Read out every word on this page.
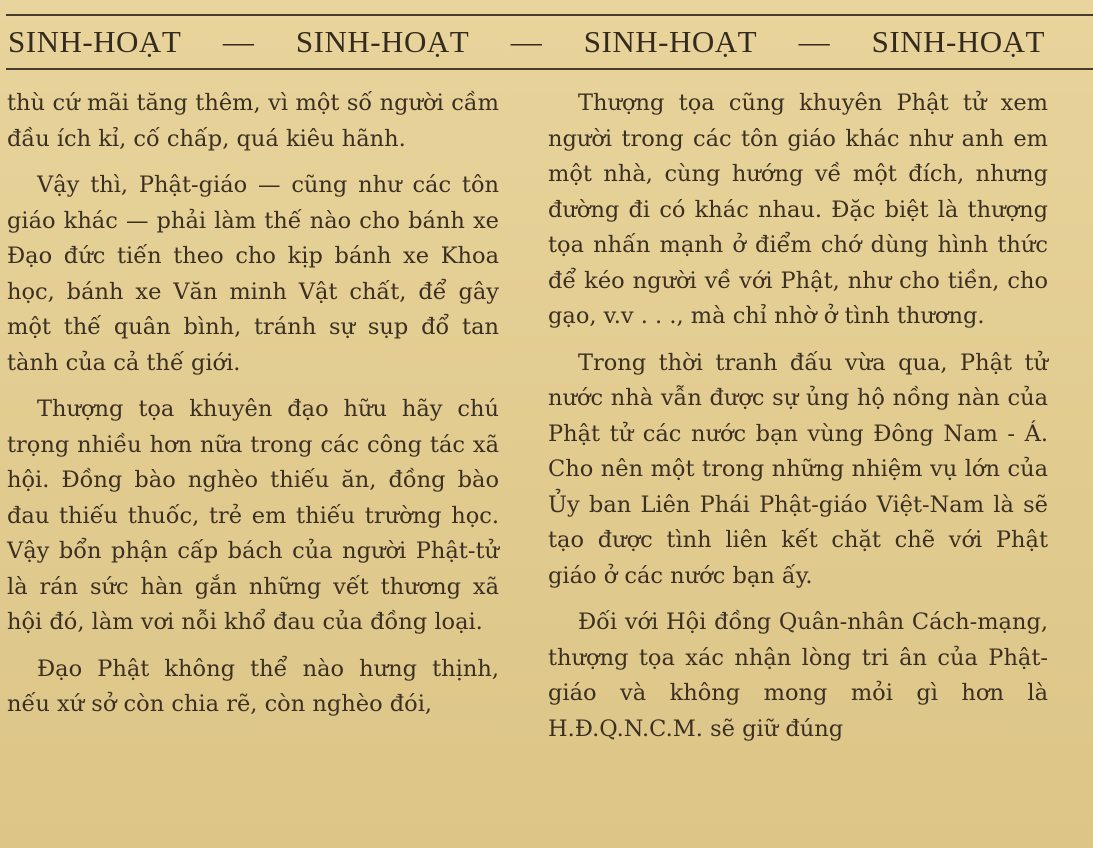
SINH-HOẠT — SINH-HOẠT — SINH-HOẠT — SINH-HOẠT

thù cứ mãi tăng thêm, vì một số người cầm đầu ích kỉ, cố chấp, quá kiêu hãnh.

Vậy thì, Phật-giáo — cũng như các tôn giáo khác — phải làm thế nào cho bánh xe Đạo đức tiến theo cho kịp bánh xe Khoa học, bánh xe Văn minh Vật chất, để gây một thế quân bình, tránh sự sụp đổ tan tành của cả thế giới.

Thượng tọa khuyên đạo hữu hãy chú trọng nhiều hơn nữa trong các công tác xã hội. Đồng bào nghèo thiếu ăn, đồng bào đau thiếu thuốc, trẻ em thiếu trường học. Vậy bổn phận cấp bách của người Phật-tử là rán sức hàn gắn những vết thương xã hội đó, làm vơi nỗi khổ đau của đồng loại.

Đạo Phật không thể nào hưng thịnh, nếu xứ sở còn chia rẽ, còn nghèo đói,

Thượng tọa cũng khuyên Phật tử xem người trong các tôn giáo khác như anh em một nhà, cùng hướng về một đích, nhưng đường đi có khác nhau. Đặc biệt là thượng tọa nhấn mạnh ở điểm chớ dùng hình thức để kéo người về với Phật, như cho tiền, cho gạo, v.v . . ., mà chỉ nhờ ở tình thương.

Trong thời tranh đấu vừa qua, Phật tử nước nhà vẫn được sự ủng hộ nồng nàn của Phật tử các nước bạn vùng Đông Nam - Á. Cho nên một trong những nhiệm vụ lớn của Ủy ban Liên Phái Phật-giáo Việt-Nam là sẽ tạo được tình liên kết chặt chẽ với Phật giáo ở các nước bạn ấy.

Đối với Hội đồng Quân-nhân Cách-mạng, thượng tọa xác nhận lòng tri ân của Phật-giáo và không mong mỏi gì hơn là H.Đ.Q.N.C.M. sẽ giữ đúng
